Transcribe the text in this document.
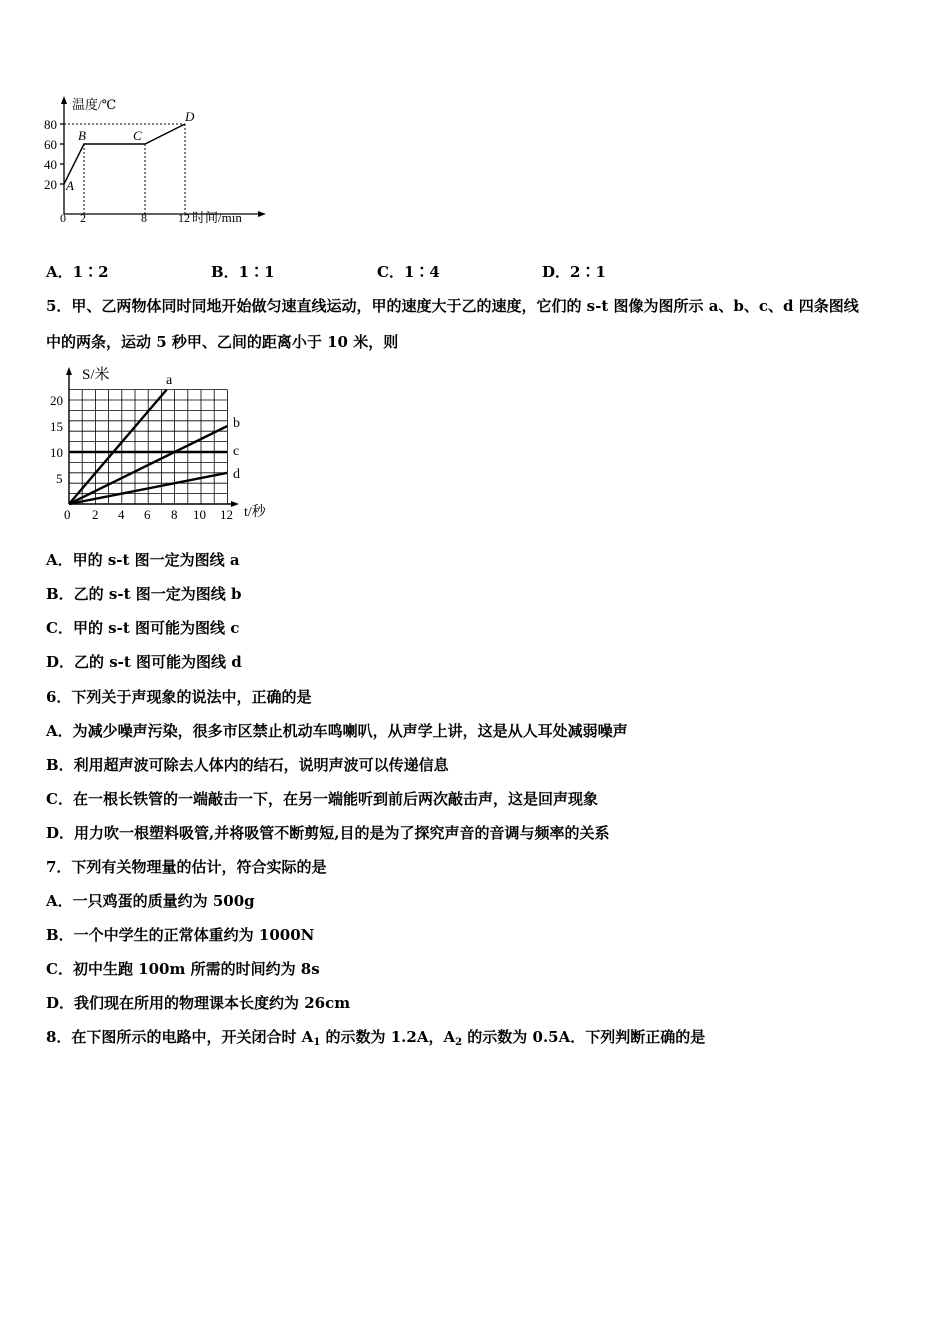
温度/℃
80
60
40
20
0 2	8	12 时间/min
A
B	C
D
A．1∶2	B．1∶1	C．1∶4	D．2∶1
5．甲、乙两物体同时同地开始做匀速直线运动，甲的速度大于乙的速度，它们的 s-t 图像为图所示 a、b、c、d 四条图线
中的两条，运动 5 秒甲、乙间的距离小于 10 米，则
S/米
t/秒
20
15
10
5
0 2 4 6 8 10 12
a
b
c
d
A．甲的 s-t 图一定为图线 a
B．乙的 s-t 图一定为图线 b
C．甲的 s-t 图可能为图线 c
D．乙的 s-t 图可能为图线 d
6．下列关于声现象的说法中，正确的是
A．为减少噪声污染，很多市区禁止机动车鸣喇叭，从声学上讲，这是从人耳处减弱噪声
B．利用超声波可除去人体内的结石，说明声波可以传递信息
C．在一根长铁管的一端敲击一下，在另一端能听到前后两次敲击声，这是回声现象
D．用力吹一根塑料吸管,并将吸管不断剪短,目的是为了探究声音的音调与频率的关系
7．下列有关物理量的估计，符合实际的是
A．一只鸡蛋的质量约为 500g
B．一个中学生的正常体重约为 1000N
C．初中生跑 100m 所需的时间约为 8s
D．我们现在所用的物理课本长度约为 26cm
8．在下图所示的电路中，开关闭合时 $A_1$ 的示数为 1.2A，$A_2$ 的示数为 0.5A．下列判断正确的是
